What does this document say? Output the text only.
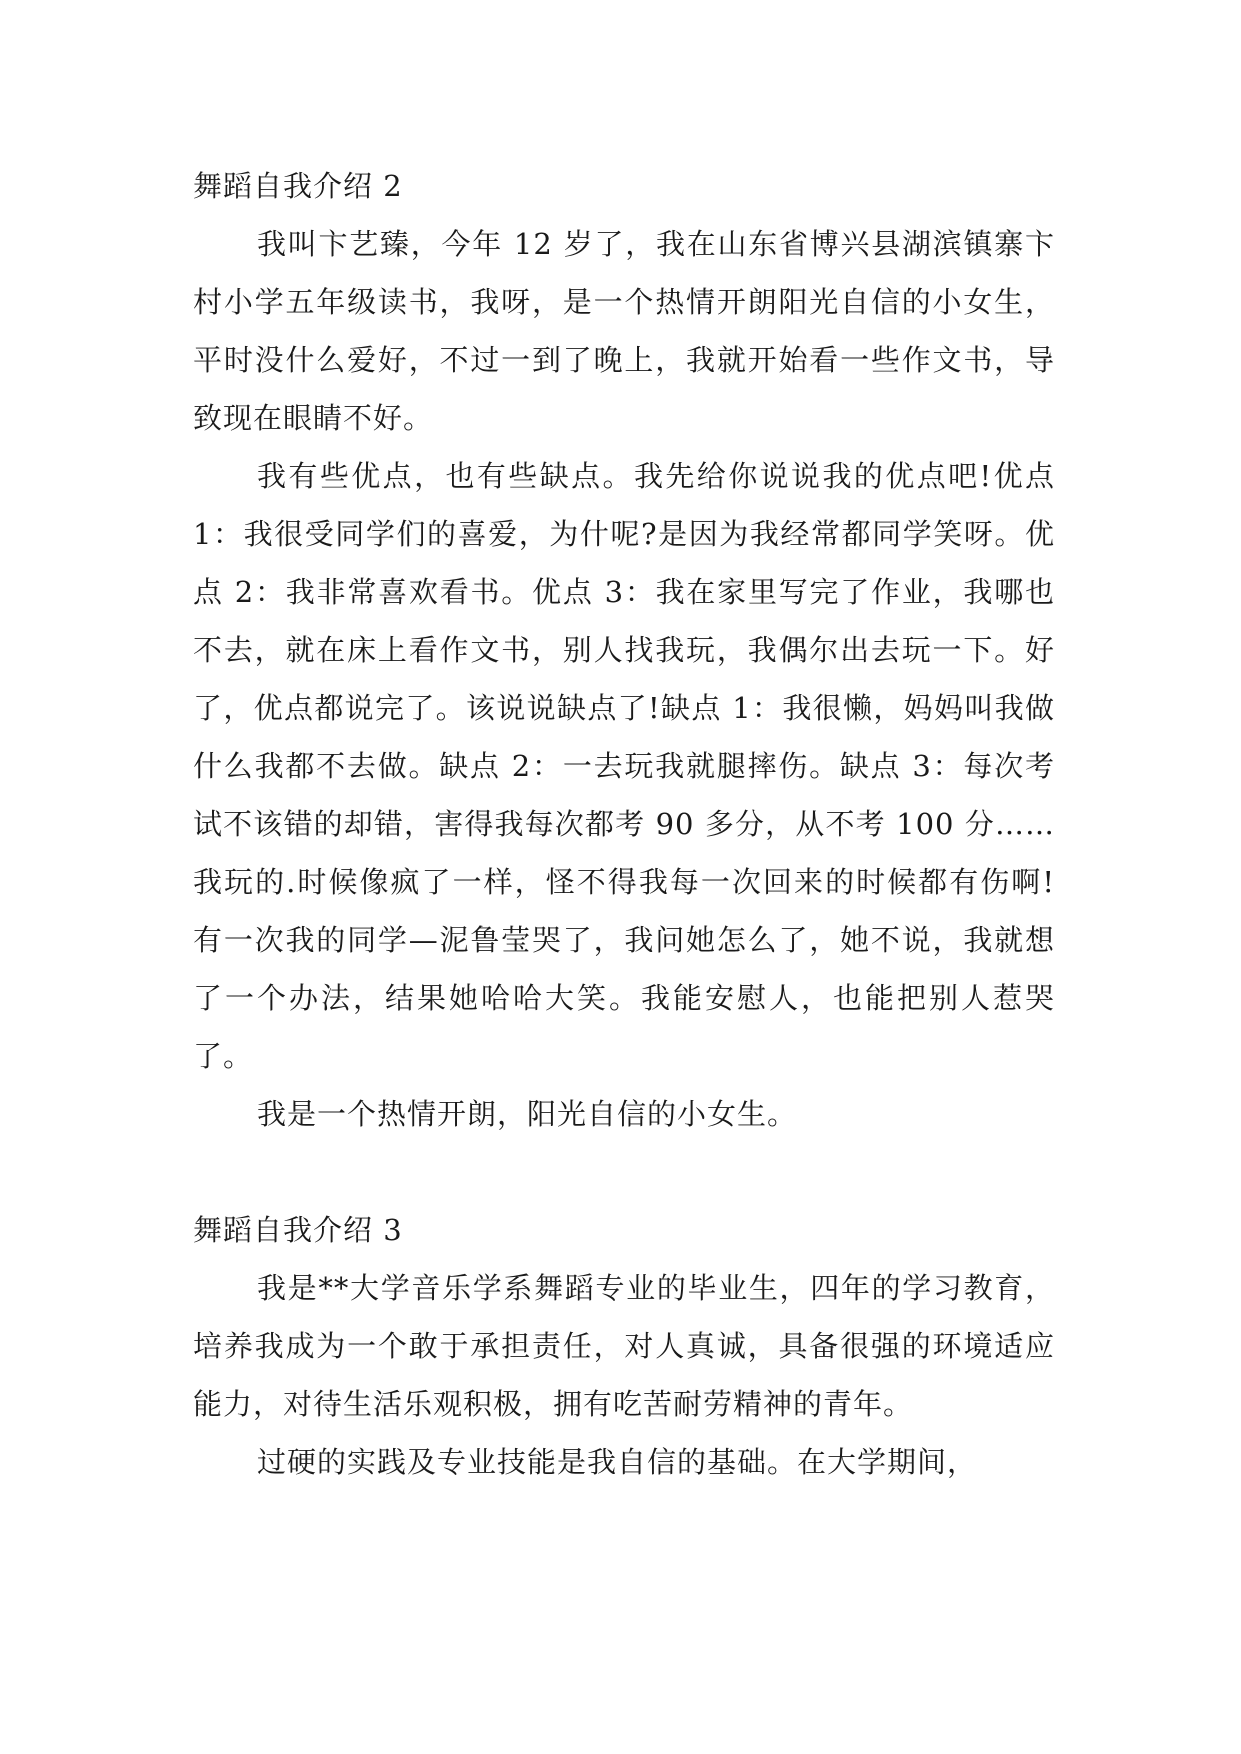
舞蹈自我介绍 2

我叫卞艺臻，今年 12 岁了，我在山东省博兴县湖滨镇寨卞村小学五年级读书，我呀，是一个热情开朗阳光自信的小女生，平时没什么爱好，不过一到了晚上，我就开始看一些作文书，导致现在眼睛不好。

我有些优点，也有些缺点。我先给你说说我的优点吧!优点 1：我很受同学们的喜爱，为什呢?是因为我经常都同学笑呀。优点 2：我非常喜欢看书。优点 3：我在家里写完了作业，我哪也不去，就在床上看作文书，别人找我玩，我偶尔出去玩一下。好了，优点都说完了。该说说缺点了!缺点 1：我很懒，妈妈叫我做什么我都不去做。缺点 2：一去玩我就腿摔伤。缺点 3：每次考试不该错的却错，害得我每次都考 90 多分，从不考 100 分……我玩的.时候像疯了一样，怪不得我每一次回来的时候都有伤啊!有一次我的同学—泥鲁莹哭了，我问她怎么了，她不说，我就想了一个办法，结果她哈哈大笑。我能安慰人，也能把别人惹哭了。

我是一个热情开朗，阳光自信的小女生。

舞蹈自我介绍 3

我是**大学音乐学系舞蹈专业的毕业生，四年的学习教育，培养我成为一个敢于承担责任，对人真诚，具备很强的环境适应能力，对待生活乐观积极，拥有吃苦耐劳精神的青年。

过硬的实践及专业技能是我自信的基础。在大学期间，
